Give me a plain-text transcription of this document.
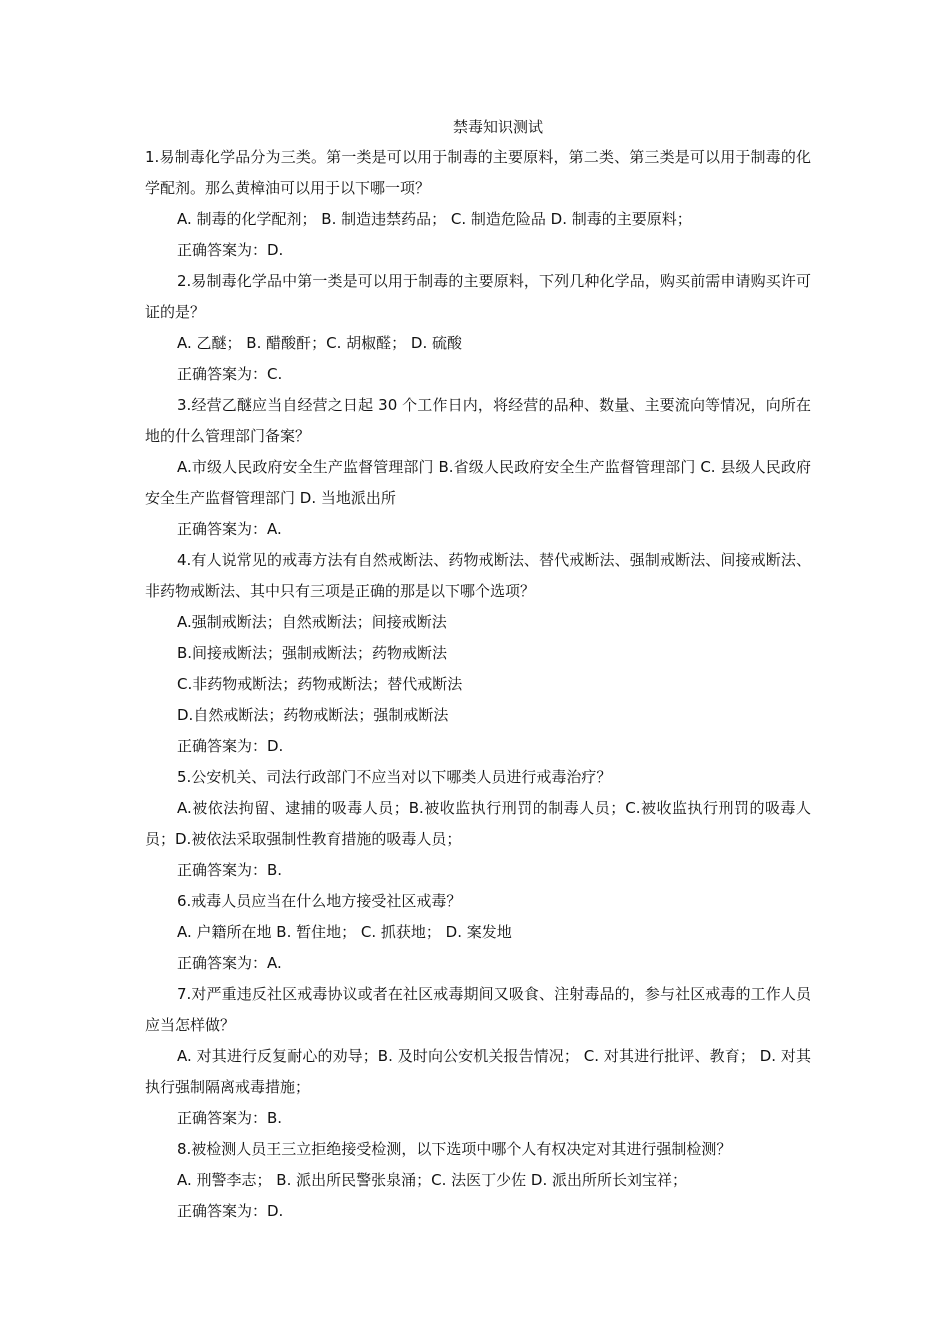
禁毒知识测试

1.易制毒化学品分为三类。第一类是可以用于制毒的主要原料，第二类、第三类是可以用于制毒的化学配剂。那么黄樟油可以用于以下哪一项？

A. 制毒的化学配剂； B. 制造违禁药品； C. 制造危险品 D. 制毒的主要原料；

正确答案为：D.

2.易制毒化学品中第一类是可以用于制毒的主要原料，下列几种化学品，购买前需申请购买许可证的是？

A. 乙醚； B. 醋酸酐；C. 胡椒醛； D. 硫酸

正确答案为：C.

3.经营乙醚应当自经营之日起 30 个工作日内，将经营的品种、数量、主要流向等情况，向所在地的什么管理部门备案？

A.市级人民政府安全生产监督管理部门 B.省级人民政府安全生产监督管理部门 C. 县级人民政府安全生产监督管理部门 D. 当地派出所

正确答案为：A.

4.有人说常见的戒毒方法有自然戒断法、药物戒断法、替代戒断法、强制戒断法、间接戒断法、非药物戒断法、其中只有三项是正确的那是以下哪个选项？

A.强制戒断法；自然戒断法；间接戒断法

B.间接戒断法；强制戒断法；药物戒断法

C.非药物戒断法；药物戒断法；替代戒断法

D.自然戒断法；药物戒断法；强制戒断法

正确答案为：D.

5.公安机关、司法行政部门不应当对以下哪类人员进行戒毒治疗？

A.被依法拘留、逮捕的吸毒人员；B.被收监执行刑罚的制毒人员；C.被收监执行刑罚的吸毒人员；D.被依法采取强制性教育措施的吸毒人员；

正确答案为：B.

6.戒毒人员应当在什么地方接受社区戒毒？

A. 户籍所在地 B. 暂住地； C. 抓获地； D. 案发地

正确答案为：A.

7.对严重违反社区戒毒协议或者在社区戒毒期间又吸食、注射毒品的，参与社区戒毒的工作人员应当怎样做？

A. 对其进行反复耐心的劝导；B. 及时向公安机关报告情况； C. 对其进行批评、教育； D. 对其执行强制隔离戒毒措施；

正确答案为：B.

8.被检测人员王三立拒绝接受检测，以下选项中哪个人有权决定对其进行强制检测？

A. 刑警李志； B. 派出所民警张泉涌；C. 法医丁少佐 D. 派出所所长刘宝祥；

正确答案为：D.
